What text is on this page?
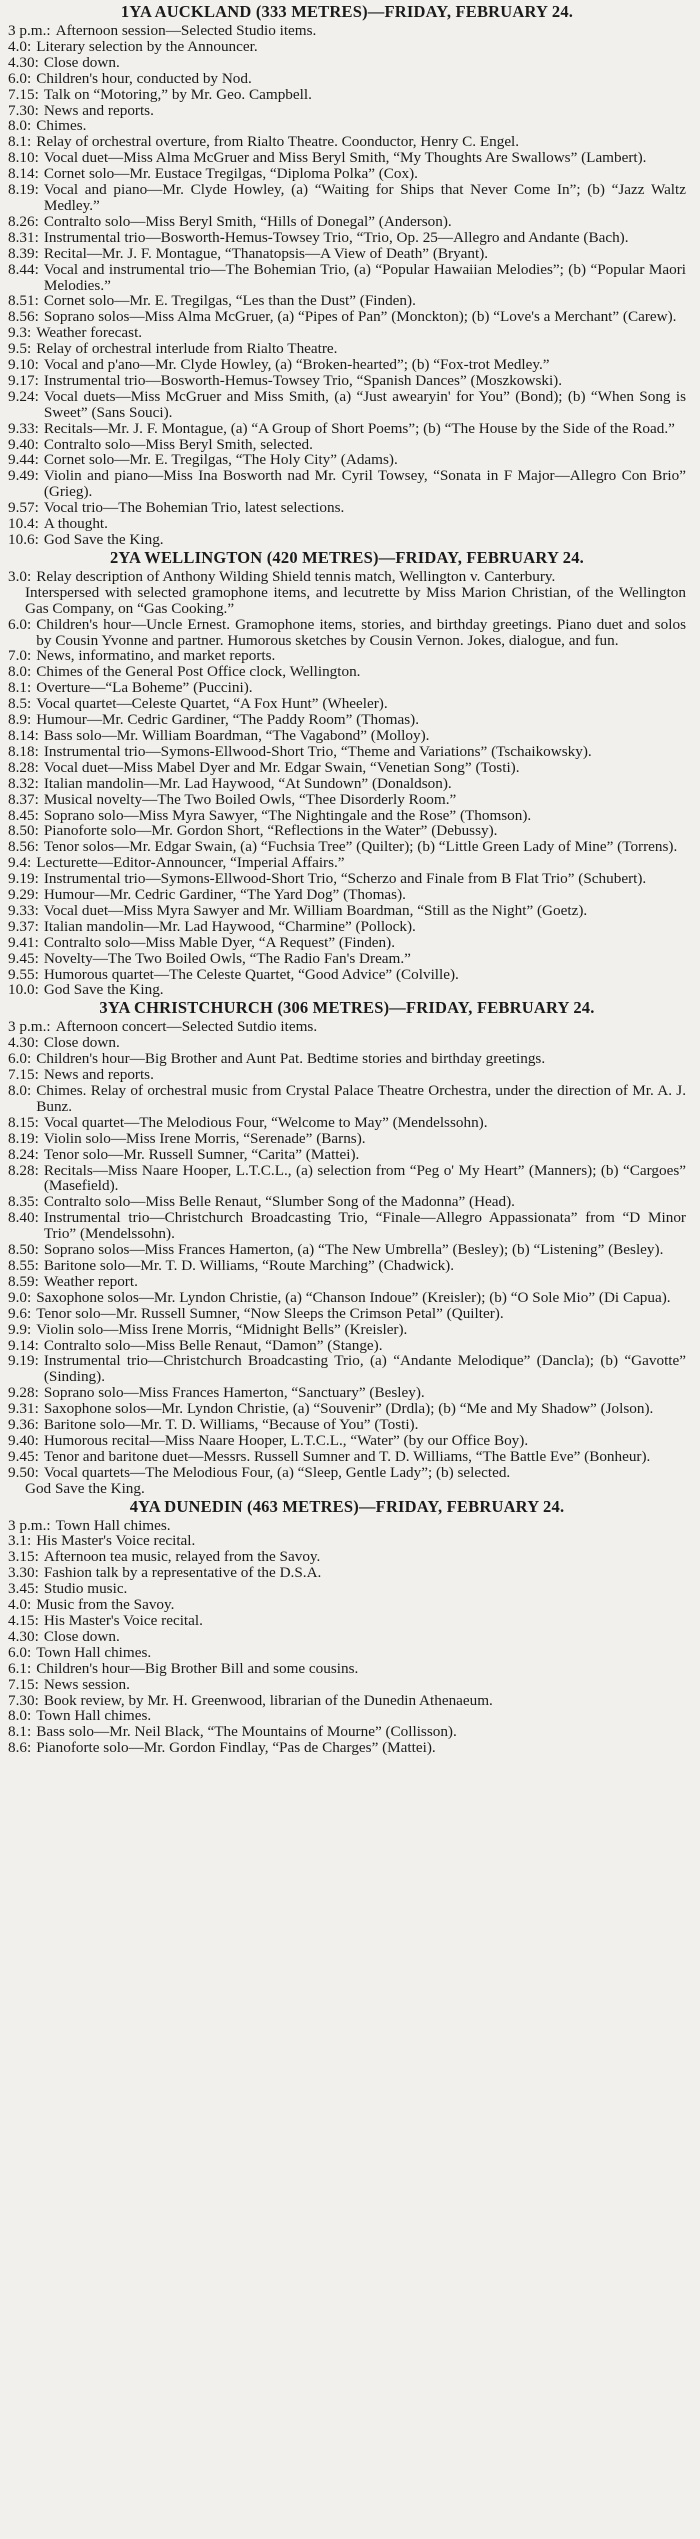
1YA AUCKLAND (333 METRES)—FRIDAY, FEBRUARY 24.
3 p.m.: Afternoon session—Selected Studio items.
4.0: Literary selection by the Announcer.
4.30: Close down.
6.0: Children's hour, conducted by Nod.
7.15: Talk on “Motoring,” by Mr. Geo. Campbell.
7.30: News and reports.
8.0: Chimes.
8.1: Relay of orchestral overture, from Rialto Theatre. Coonductor, Henry C. Engel.
8.10: Vocal duet—Miss Alma McGruer and Miss Beryl Smith, “My Thoughts Are Swallows” (Lambert).
8.14: Cornet solo—Mr. Eustace Tregilgas, “Diploma Polka” (Cox).
8.19: Vocal and piano—Mr. Clyde Howley, (a) “Waiting for Ships that Never Come In”; (b) “Jazz Waltz Medley.”
8.26: Contralto solo—Miss Beryl Smith, “Hills of Donegal” (Anderson).
8.31: Instrumental trio—Bosworth-Hemus-Towsey Trio, “Trio, Op. 25—Allegro and Andante (Bach).
8.39: Recital—Mr. J. F. Montague, “Thanatopsis—A View of Death” (Bryant).
8.44: Vocal and instrumental trio—The Bohemian Trio, (a) “Popular Hawaiian Melodies”; (b) “Popular Maori Melodies.”
8.51: Cornet solo—Mr. E. Tregilgas, “Les than the Dust” (Finden).
8.56: Soprano solos—Miss Alma McGruer, (a) “Pipes of Pan” (Monckton); (b) “Love's a Merchant” (Carew).
9.3: Weather forecast.
9.5: Relay of orchestral interlude from Rialto Theatre.
9.10: Vocal and p'ano—Mr. Clyde Howley, (a) “Broken-hearted”; (b) “Fox-trot Medley.”
9.17: Instrumental trio—Bosworth-Hemus-Towsey Trio, “Spanish Dances” (Moszkowski).
9.24: Vocal duets—Miss McGruer and Miss Smith, (a) “Just awearyin' for You” (Bond); (b) “When Song is Sweet” (Sans Souci).
9.33: Recitals—Mr. J. F. Montague, (a) “A Group of Short Poems”; (b) “The House by the Side of the Road.”
9.40: Contralto solo—Miss Beryl Smith, selected.
9.44: Cornet solo—Mr. E. Tregilgas, “The Holy City” (Adams).
9.49: Violin and piano—Miss Ina Bosworth nad Mr. Cyril Towsey, “Sonata in F Major—Allegro Con Brio” (Grieg).
9.57: Vocal trio—The Bohemian Trio, latest selections.
10.4: A thought.
10.6: God Save the King.
2YA WELLINGTON (420 METRES)—FRIDAY, FEBRUARY 24.
3.0: Relay description of Anthony Wilding Shield tennis match, Wellington v. Canterbury.
Interspersed with selected gramophone items, and lecutrette by Miss Marion Christian, of the Wellington Gas Company, on “Gas Cooking.”
6.0: Children's hour—Uncle Ernest. Gramophone items, stories, and birthday greetings. Piano duet and solos by Cousin Yvonne and partner. Humorous sketches by Cousin Vernon. Jokes, dialogue, and fun.
7.0: News, informatino, and market reports.
8.0: Chimes of the General Post Office clock, Wellington.
8.1: Overture—“La Boheme” (Puccini).
8.5: Vocal quartet—Celeste Quartet, “A Fox Hunt” (Wheeler).
8.9: Humour—Mr. Cedric Gardiner, “The Paddy Room” (Thomas).
8.14: Bass solo—Mr. William Boardman, “The Vagabond” (Molloy).
8.18: Instrumental trio—Symons-Ellwood-Short Trio, “Theme and Variations” (Tschaikowsky).
8.28: Vocal duet—Miss Mabel Dyer and Mr. Edgar Swain, “Venetian Song” (Tosti).
8.32: Italian mandolin—Mr. Lad Haywood, “At Sundown” (Donaldson).
8.37: Musical novelty—The Two Boiled Owls, “Thee Disorderly Room.”
8.45: Soprano solo—Miss Myra Sawyer, “The Nightingale and the Rose” (Thomson).
8.50: Pianoforte solo—Mr. Gordon Short, “Reflections in the Water” (Debussy).
8.56: Tenor solos—Mr. Edgar Swain, (a) “Fuchsia Tree” (Quilter); (b) “Little Green Lady of Mine” (Torrens).
9.4: Lecturette—Editor-Announcer, “Imperial Affairs.”
9.19: Instrumental trio—Symons-Ellwood-Short Trio, “Scherzo and Finale from B Flat Trio” (Schubert).
9.29: Humour—Mr. Cedric Gardiner, “The Yard Dog” (Thomas).
9.33: Vocal duet—Miss Myra Sawyer and Mr. William Boardman, “Still as the Night” (Goetz).
9.37: Italian mandolin—Mr. Lad Haywood, “Charmine” (Pollock).
9.41: Contralto solo—Miss Mable Dyer, “A Request” (Finden).
9.45: Novelty—The Two Boiled Owls, “The Radio Fan's Dream.”
9.55: Humorous quartet—The Celeste Quartet, “Good Advice” (Colville).
10.0: God Save the King.
3YA CHRISTCHURCH (306 METRES)—FRIDAY, FEBRUARY 24.
3 p.m.: Afternoon concert—Selected Sutdio items.
4.30: Close down.
6.0: Children's hour—Big Brother and Aunt Pat. Bedtime stories and birthday greetings.
7.15: News and reports.
8.0: Chimes. Relay of orchestral music from Crystal Palace Theatre Orchestra, under the direction of Mr. A. J. Bunz.
8.15: Vocal quartet—The Melodious Four, “Welcome to May” (Mendelssohn).
8.19: Violin solo—Miss Irene Morris, “Serenade” (Barns).
8.24: Tenor solo—Mr. Russell Sumner, “Carita” (Mattei).
8.28: Recitals—Miss Naare Hooper, L.T.C.L., (a) selection from “Peg o' My Heart” (Manners); (b) “Cargoes” (Masefield).
8.35: Contralto solo—Miss Belle Renaut, “Slumber Song of the Madonna” (Head).
8.40: Instrumental trio—Christchurch Broadcasting Trio, “Finale—Allegro Appassionata” from “D Minor Trio” (Mendelssohn).
8.50: Soprano solos—Miss Frances Hamerton, (a) “The New Umbrella” (Besley); (b) “Listening” (Besley).
8.55: Baritone solo—Mr. T. D. Williams, “Route Marching” (Chadwick).
8.59: Weather report.
9.0: Saxophone solos—Mr. Lyndon Christie, (a) “Chanson Indoue” (Kreisler); (b) “O Sole Mio” (Di Capua).
9.6: Tenor solo—Mr. Russell Sumner, “Now Sleeps the Crimson Petal” (Quilter).
9.9: Violin solo—Miss Irene Morris, “Midnight Bells” (Kreisler).
9.14: Contralto solo—Miss Belle Renaut, “Damon” (Stange).
9.19: Instrumental trio—Christchurch Broadcasting Trio, (a) “Andante Melodique” (Dancla); (b) “Gavotte” (Sinding).
9.28: Soprano solo—Miss Frances Hamerton, “Sanctuary” (Besley).
9.31: Saxophone solos—Mr. Lyndon Christie, (a) “Souvenir” (Drdla); (b) “Me and My Shadow” (Jolson).
9.36: Baritone solo—Mr. T. D. Williams, “Because of You” (Tosti).
9.40: Humorous recital—Miss Naare Hooper, L.T.C.L., “Water” (by our Office Boy).
9.45: Tenor and baritone duet—Messrs. Russell Sumner and T. D. Williams, “The Battle Eve” (Bonheur).
9.50: Vocal quartets—The Melodious Four, (a) “Sleep, Gentle Lady”; (b) selected.
God Save the King.
4YA DUNEDIN (463 METRES)—FRIDAY, FEBRUARY 24.
3 p.m.: Town Hall chimes.
3.1: His Master's Voice recital.
3.15: Afternoon tea music, relayed from the Savoy.
3.30: Fashion talk by a representative of the D.S.A.
3.45: Studio music.
4.0: Music from the Savoy.
4.15: His Master's Voice recital.
4.30: Close down.
6.0: Town Hall chimes.
6.1: Children's hour—Big Brother Bill and some cousins.
7.15: News session.
7.30: Book review, by Mr. H. Greenwood, librarian of the Dunedin Athenaeum.
8.0: Town Hall chimes.
8.1: Bass solo—Mr. Neil Black, “The Mountains of Mourne” (Collisson).
8.6: Pianoforte solo—Mr. Gordon Findlay, “Pas de Charges” (Mattei).
